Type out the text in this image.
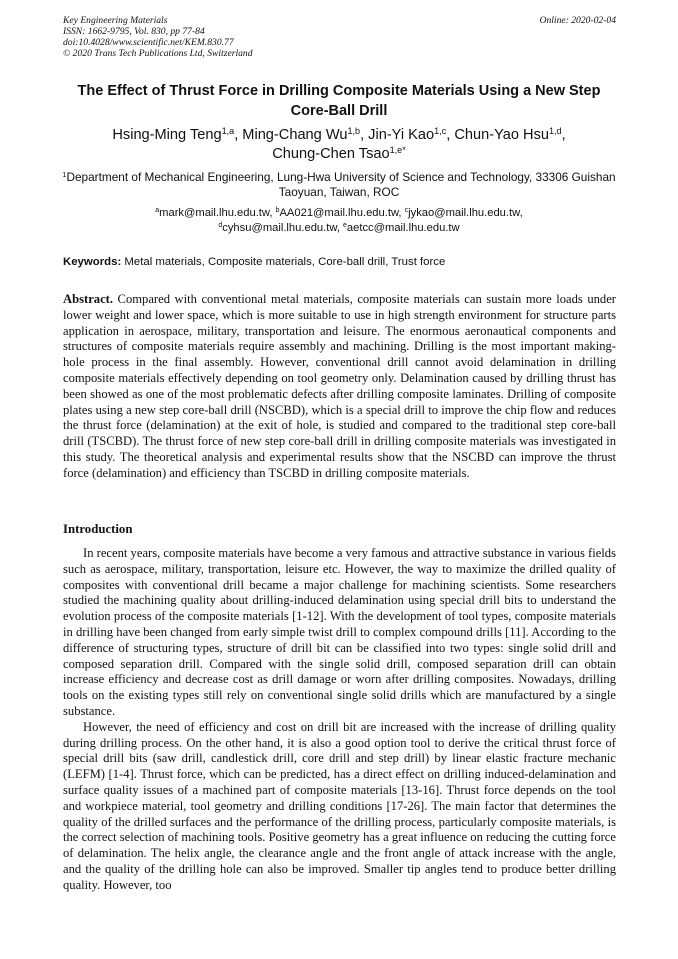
Key Engineering Materials
ISSN: 1662-9795, Vol. 830, pp 77-84
doi:10.4028/www.scientific.net/KEM.830.77
© 2020 Trans Tech Publications Ltd, Switzerland
Online: 2020-02-04
The Effect of Thrust Force in Drilling Composite Materials Using a New Step Core-Ball Drill
Hsing-Ming Teng$^{1,a}$, Ming-Chang Wu$^{1,b}$, Jin-Yi Kao$^{1,c}$, Chun-Yao Hsu$^{1,d}$,
Chung-Chen Tsao$^{1,e*}$
$^1$Department of Mechanical Engineering, Lung-Hwa University of Science and Technology, 33306 Guishan Taoyuan, Taiwan, ROC
$^a$mark@mail.lhu.edu.tw, $^b$AA021@mail.lhu.edu.tw, $^c$jykao@mail.lhu.edu.tw,
$^d$cyhsu@mail.lhu.edu.tw, $^e$aetcc@mail.lhu.edu.tw
Keywords: Metal materials, Composite materials, Core-ball drill, Trust force
Abstract. Compared with conventional metal materials, composite materials can sustain more loads under lower weight and lower space, which is more suitable to use in high strength environment for structure parts application in aerospace, military, transportation and leisure. The enormous aeronautical components and structures of composite materials require assembly and machining. Drilling is the most important making-hole process in the final assembly. However, conventional drill cannot avoid delamination in drilling composite materials effectively depending on tool geometry only. Delamination caused by drilling thrust has been showed as one of the most problematic defects after drilling composite laminates. Drilling of composite plates using a new step core-ball drill (NSCBD), which is a special drill to improve the chip flow and reduces the thrust force (delamination) at the exit of hole, is studied and compared to the traditional step core-ball drill (TSCBD). The thrust force of new step core-ball drill in drilling composite materials was investigated in this study. The theoretical analysis and experimental results show that the NSCBD can improve the thrust force (delamination) and efficiency than TSCBD in drilling composite materials.
Introduction

In recent years, composite materials have become a very famous and attractive substance in various fields such as aerospace, military, transportation, leisure etc. However, the way to maximize the drilled quality of composites with conventional drill became a major challenge for machining scientists. Some researchers studied the machining quality about drilling-induced delamination using special drill bits to understand the evolution process of the composite materials [1-12]. With the development of tool types, composite materials in drilling have been changed from early simple twist drill to complex compound drills [11]. According to the difference of structuring types, structure of drill bit can be classified into two types: single solid drill and composed separation drill. Compared with the single solid drill, composed separation drill can obtain increase efficiency and decrease cost as drill damage or worn after drilling composites. Nowadays, drilling tools on the existing types still rely on conventional single solid drills which are manufactured by a single substance.

However, the need of efficiency and cost on drill bit are increased with the increase of drilling quality during drilling process. On the other hand, it is also a good option tool to derive the critical thrust force of special drill bits (saw drill, candlestick drill, core drill and step drill) by linear elastic fracture mechanic (LEFM) [1-4]. Thrust force, which can be predicted, has a direct effect on drilling induced-delamination and surface quality issues of a machined part of composite materials [13-16]. Thrust force depends on the tool and workpiece material, tool geometry and drilling conditions [17-26]. The main factor that determines the quality of the drilled surfaces and the performance of the drilling process, particularly composite materials, is the correct selection of machining tools. Positive geometry has a great influence on reducing the cutting force of delamination. The helix angle, the clearance angle and the front angle of attack increase with the angle, and the quality of the drilling hole can also be improved. Smaller tip angles tend to produce better drilling quality. However, too
